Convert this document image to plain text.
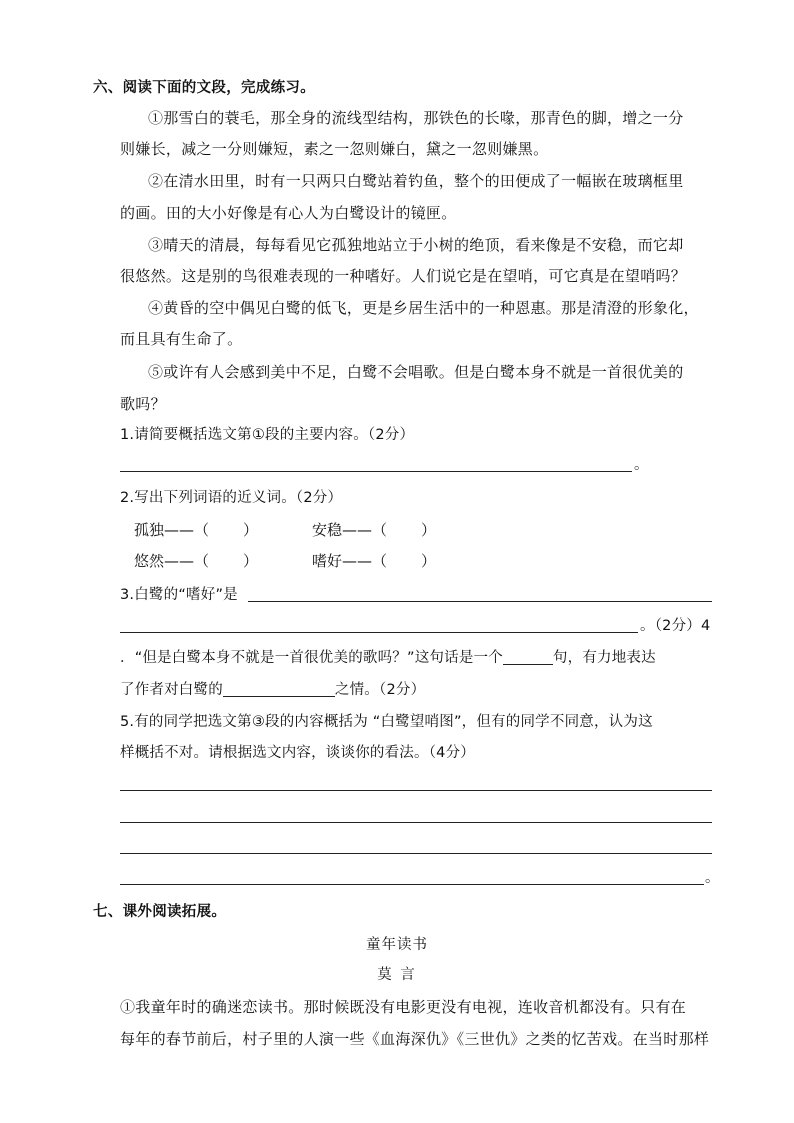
六、阅读下面的文段，完成练习。
①那雪白的蓑毛，那全身的流线型结构，那铁色的长喙，那青色的脚，增之一分
则嫌长，减之一分则嫌短，素之一忽则嫌白，黛之一忽则嫌黑。
②在清水田里，时有一只两只白鹭站着钓鱼，整个的田便成了一幅嵌在玻璃框里
的画。田的大小好像是有心人为白鹭设计的镜匣。
③晴天的清晨，每每看见它孤独地站立于小树的绝顶，看来像是不安稳，而它却
很悠然。这是别的鸟很难表现的一种嗜好。人们说它是在望哨，可它真是在望哨吗？
④黄昏的空中偶见白鹭的低飞，更是乡居生活中的一种恩惠。那是清澄的形象化，
而且具有生命了。
⑤或许有人会感到美中不足，白鹭不会唱歌。但是白鹭本身不就是一首很优美的
歌吗？
1.请简要概括选文第①段的主要内容。（2分）
。
2.写出下列词语的近义词。（2分）
孤独——（ ）	安稳——（ ）
悠然——（ ）	嗜好——（ ）
3.白鹭的“嗜好”是
。（2分）4
．“但是白鹭本身不就是一首很优美的歌吗？”这句话是一个	句，有力地表达
了作者对白鹭的	之情。（2分）
5.有的同学把选文第③段的内容概括为 “白鹭望哨图”，但有的同学不同意，认为这
样概括不对。请根据选文内容，谈谈你的看法。（4分）
。
七、课外阅读拓展。
童年读书
莫 言
①我童年时的确迷恋读书。那时候既没有电影更没有电视，连收音机都没有。只有在
每年的春节前后，村子里的人演一些《血海深仇》《三世仇》之类的忆苦戏。在当时那样
